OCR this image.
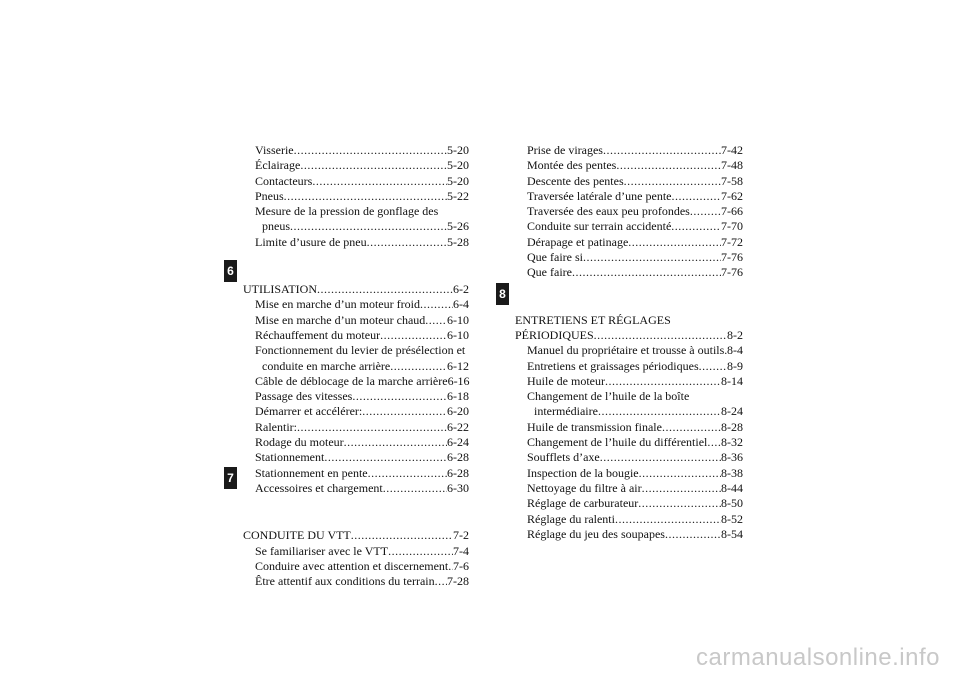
6
7
8
Visserie .....	5-20
Éclairage .....	5-20
Contacteurs .....	5-20
Pneus .....	5-22
Mesure de la pression de gonflage des
pneus .....	5-26
Limite d’usure de pneu .....	5-28
UTILISATION .....	6-2
Mise en marche d’un moteur froid .....	6-4
Mise en marche d’un moteur chaud ..... 6-10
Réchauffement du moteur .....	6-10
Fonctionnement du levier de présélection et
conduite en marche arrière .....	6-12
Câble de déblocage de la marche arrière 6-16
Passage des vitesses .....	6-18
Démarrer et accélérer: .....	6-20
Ralentir: .....	6-22
Rodage du moteur .....	6-24
Stationnement .....	6-28
Stationnement en pente .....	6-28
Accessoires et chargement .....	6-30
CONDUITE DU VTT .....	7-2
Se familiariser avec le VTT .....	7-4
Conduire avec attention et discernement ..... 7-6
Être attentif aux conditions du terrain ..... 7-28
Prise de virages .....	7-42
Montée des pentes .....	7-48
Descente des pentes .....	7-58
Traversée latérale d’une pente .....	7-62
Traversée des eaux peu profondes .....	7-66
Conduite sur terrain accidenté .....	7-70
Dérapage et patinage .....	7-72
Que faire si .....	7-76
Que faire .....	7-76
ENTRETIENS ET RÉGLAGES
PÉRIODIQUES .....	8-2
Manuel du propriétaire et trousse à outils ..... 8-4
Entretiens et graissages périodiques ..... 8-9
Huile de moteur .....	8-14
Changement de l’huile de la boîte
intermédiaire .....	8-24
Huile de transmission finale .....	8-28
Changement de l’huile du différentiel ..... 8-32
Soufflets d’axe .....	8-36
Inspection de la bougie .....	8-38
Nettoyage du filtre à air .....	8-44
Réglage de carburateur .....	8-50
Réglage du ralenti .....	8-52
Réglage du jeu des soupapes .....	8-54
carmanualsonline.info
